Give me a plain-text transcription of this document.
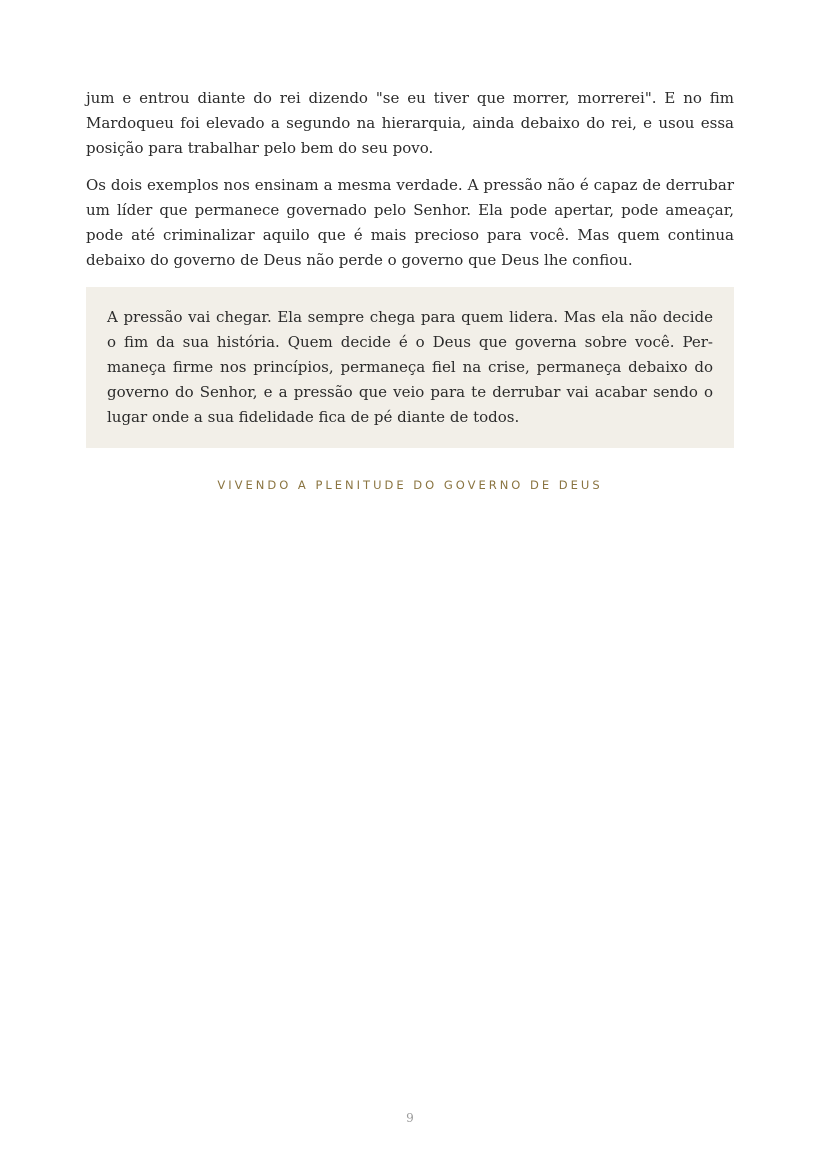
jum e entrou diante do rei dizendo "se eu tiver que morrer, morrerei". E no fim Mardoqueu foi elevado a segundo na hierarquia, ainda debaixo do rei, e usou essa posição para trabalhar pelo bem do seu povo.

Os dois exemplos nos ensinam a mesma verdade. A pressão não é capaz de derrubar um líder que permanece governado pelo Senhor. Ela pode apertar, pode ameaçar, pode até criminalizar aquilo que é mais precioso para você. Mas quem continua debaixo do governo de Deus não perde o governo que Deus lhe confiou.

A pressão vai chegar. Ela sempre chega para quem lidera. Mas ela não decide o fim da sua história. Quem decide é o Deus que governa sobre você. Permaneça firme nos princípios, permaneça fiel na crise, permaneça debaixo do governo do Senhor, e a pressão que veio para te derrubar vai acabar sendo o lugar onde a sua fidelidade fica de pé diante de todos.

VIVENDO A PLENITUDE DO GOVERNO DE DEUS
9
